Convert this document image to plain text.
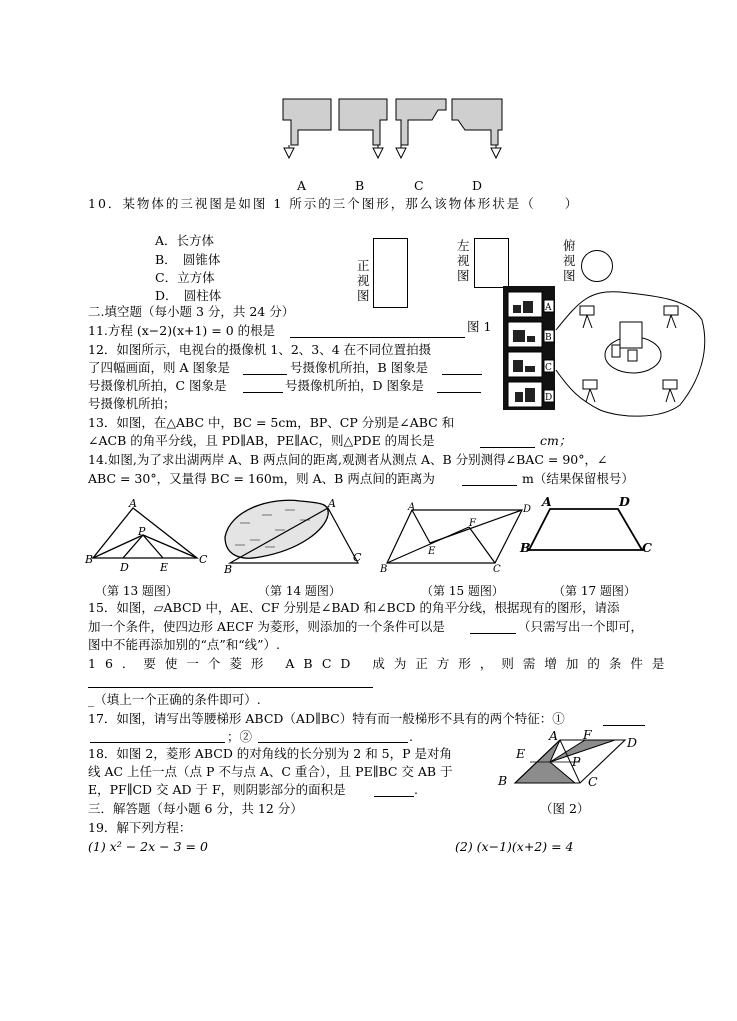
A	B	C	D
10．某物体的三视图是如图 1 所示的三个图形，那么该物体形状是（　　）
A．长方体
B．　圆锥体
C．立方体
D．　圆柱体
正视图
左视图
俯视图
二.填空题（每小题 3 分，共 24 分）
11.方程 (x−2)(x+1) = 0 的根是	图 1
A
B
C
D
12．如图所示，电视台的摄像机 1、2、3、4 在不同位置拍摄
了四幅画面，则 A 图象是	号摄像机所拍，B 图象是
号摄像机所拍，C 图象是	号摄像机所拍，D 图象是
号摄像机所拍；
13．如图，在△ABC 中，BC = 5cm，BP、CP 分别是∠ABC 和
∠ACB 的角平分线，且 PD∥AB，PE∥AC，则△PDE 的周长是	cm；
14.如图,为了求出湖两岸 A、B 两点间的距离,观测者从测点 A、B 分别测得∠BAC = 90°，∠
ABC = 30°，又量得 BC = 160m，则 A、B 两点间的距离为	m（结果保留根号）
A
B	C
P
D	E
A
B
C
A	D
F
E
B	C
A	D
B	C
（第 13 题图）	（第 14 题图）	（第 15 题图）	（第 17 题图）
15．如图，▱ABCD 中，AE、CF 分别是∠BAD 和∠BCD 的角平分线，根据现有的图形，请添
加一个条件，使四边形 AECF 为菱形，则添加的一个条件可以是	（只需写出一个即可，
图中不能再添加别的“点”和“线”）.
16．要使一个菱形 ABCD 成为正方形，则需增加的条件是
_（填上一个正确的条件即可）.
17．如图，请写出等腰梯形 ABCD（AD∥BC）特有而一般梯形不具有的两个特征：①
；②	.
18．如图 2，菱形 ABCD 的对角线的长分别为 2 和 5，P 是对角
线 AC 上任一点（点 P 不与点 A、C 重合），且 PE∥BC 交 AB 于
E，PF∥CD 交 AD 于 F，则阴影部分的面积是	.
A F
D
E
P
B	C
（图 2）
三．解答题（每小题 6 分，共 12 分）
19．解下列方程：
(1) x² − 2x − 3 = 0	(2) (x−1)(x+2) = 4
